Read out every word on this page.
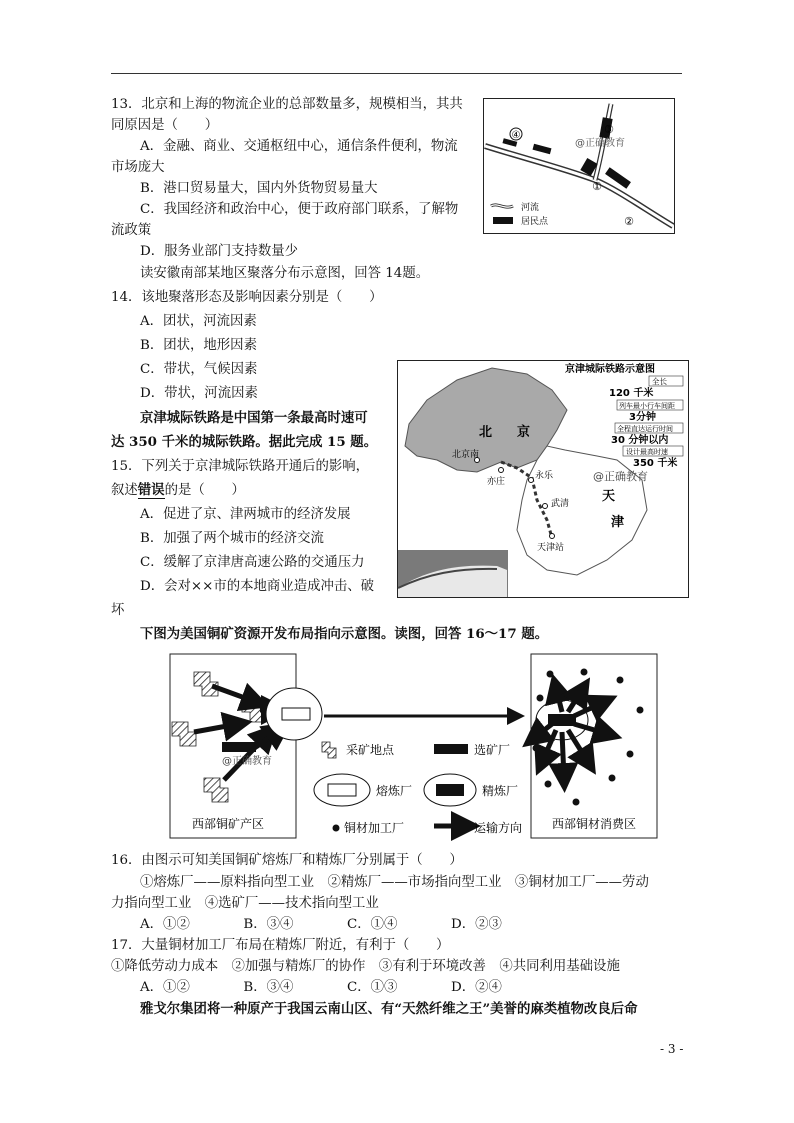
13．北京和上海的物流企业的总部数量多，规模相当，其共
同原因是（　　）
A．金融、商业、交通枢纽中心，通信条件便利，物流
市场庞大
B．港口贸易量大，国内外货物贸易量大
C．我国经济和政治中心，便于政府部门联系，了解物
流政策
D．服务业部门支持数量少
读安徽南部某地区聚落分布示意图，回答 14题。
14．该地聚落形态及影响因素分别是（　　）
A．团状，河流因素
B．团状，地形因素
C．带状，气候因素
D．带状，河流因素
京津城际铁路是中国第一条最高时速可
达 350 千米的城际铁路。据此完成 15 题。
15．下列关于京津城际铁路开通后的影响，
叙述错误的是（　　）
A．促进了京、津两城市的经济发展
B．加强了两个城市的经济交流
C．缓解了京津唐高速公路的交通压力
D．会对××市的本地商业造成冲击、破
坏
下图为美国铜矿资源开发布局指向示意图。读图，回答 16～17 题。
④	③
①
②
@正确教育
河流
居民点
北京南
亦庄
永乐
武清
天津站
北 京
天
津
@正确教育
京津城际铁路示意图
全长
120 千米
列车最小行车间距
3分钟
全程直达运行时间
30 分钟以内
设计最高时速
350 千米
西部铜矿产区	西部铜材消费区
@正确教育
采矿地点	选矿厂
熔炼厂	精炼厂
铜材加工厂	运输方向
16．由图示可知美国铜矿熔炼厂和精炼厂分别属于（　　）
①熔炼厂——原料指向型工业　②精炼厂——市场指向型工业　③铜材加工厂——劳动
力指向型工业　④选矿厂——技术指向型工业
A．①②　　　　B．③④　　　　C．①④　　　　D．②③
17．大量铜材加工厂布局在精炼厂附近，有利于（　　）
①降低劳动力成本　②加强与精炼厂的协作　③有利于环境改善　④共同利用基础设施
A．①②　　　　B．③④　　　　C．①③　　　　D．②④
雅戈尔集团将一种原产于我国云南山区、有“天然纤维之王”美誉的麻类植物改良后命
- 3 -
